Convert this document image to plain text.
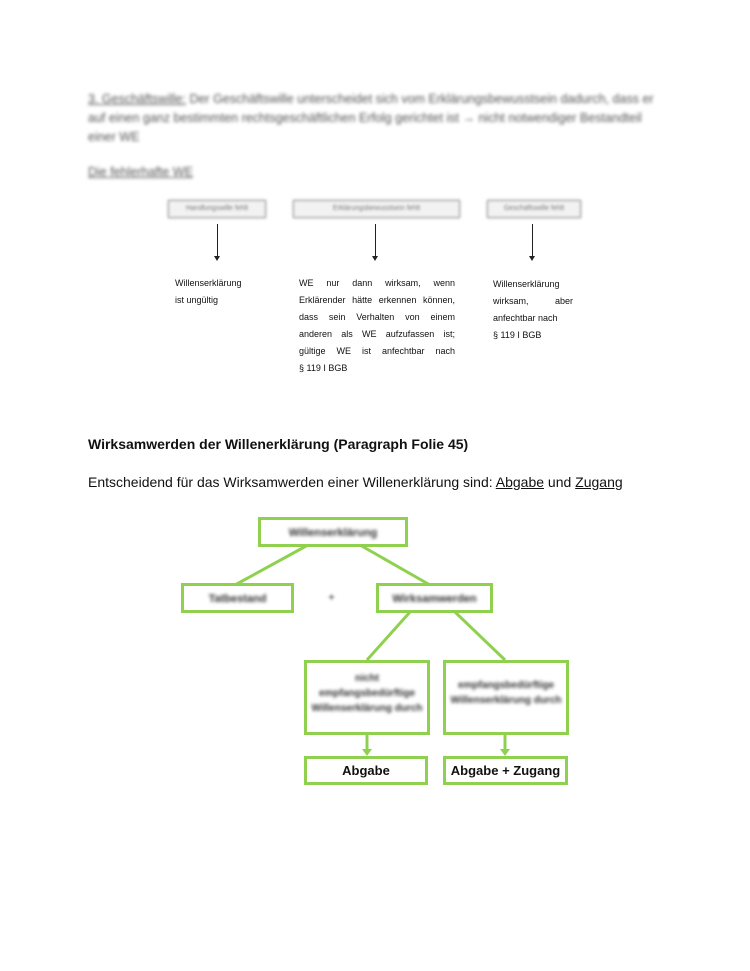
3. Geschäftswille: Der Geschäftswille unterscheidet sich vom Erklärungsbewusstsein dadurch, dass er auf einen ganz bestimmten rechtsgeschäftlichen Erfolg gerichtet ist → nicht notwendiger Bestandteil einer WE
Die fehlerhafte WE
Handlungswille fehlt	Erklärungsbewusstsein fehlt	Geschäftswille fehlt
Willenserklärung
ist ungültig
WE nur dann wirksam, wenn
Erklärender hätte erkennen können,
dass sein Verhalten von einem
anderen als WE aufzufassen ist;
gültige WE ist anfechtbar nach
§ 119 I BGB
Willenserklärung
wirksam,	aber
anfechtbar nach
§ 119 I BGB
Wirksamwerden der Willenerklärung (Paragraph Folie 45)
Entscheidend für das Wirksamwerden einer Willenerklärung sind: Abgabe und Zugang
Willenserklärung
Tatbestand	+	Wirksamwerden
nicht empfangsbedürftige Willenserklärung durch
empfangsbedürftige Willenserklärung durch
Abgabe	Abgabe + Zugang
